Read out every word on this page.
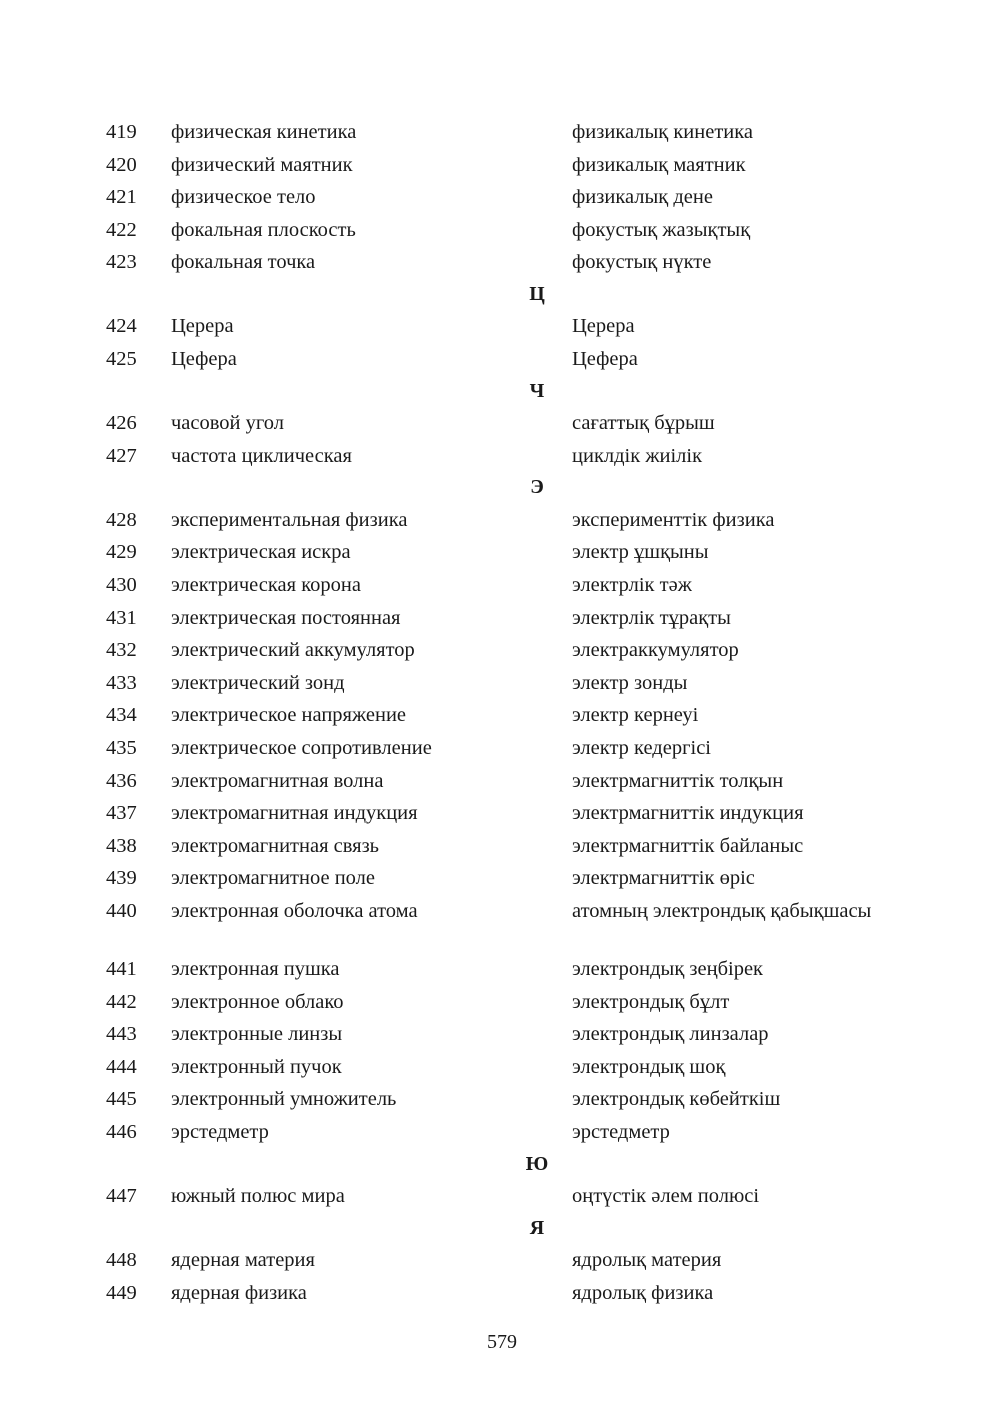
419 физическая кинетика	физикалық кинетика
420 физический маятник	физикалық маятник
421 физическое тело	физикалық дене
422 фокальная плоскость	фокустық жазықтық
423 фокальная точка	фокустық нүкте
Ц
424 Церера	Церера
425 Цефера	Цефера
Ч
426 часовой угол	сағаттық бұрыш
427 частота циклическая	циклдік жиілік
Э
428 экспериментальная физика	эксперименттік физика
429 электрическая искра	электр ұшқыны
430 электрическая корона	электрлік тәж
431 электрическая постоянная	электрлік тұрақты
432 электрический аккумулятор	электраккумулятор
433 электрический зонд	электр зонды
434 электрическое напряжение	электр кернеуі
435 электрическое сопротивление	электр кедергісі
436 электромагнитная волна	электрмагниттік толқын
437 электромагнитная индукция	электрмагниттік индукция
438 электромагнитная связь	электрмагниттік байланыс
439 электромагнитное поле	электрмагниттік өріс
440 электронная оболочка атома	атомның электрондық қабықшасы
441 электронная пушка	электрондық зеңбірек
442 электронное облако	электрондық бұлт
443 электронные линзы	электрондық линзалар
444 электронный пучок	электрондық шоқ
445 электронный умножитель	электрондық көбейткіш
446 эрстедметр	эрстедметр
Ю
447 южный полюс мира	оңтүстік әлем полюсі
Я
448 ядерная материя	ядролық материя
449 ядерная физика	ядролық физика
579
